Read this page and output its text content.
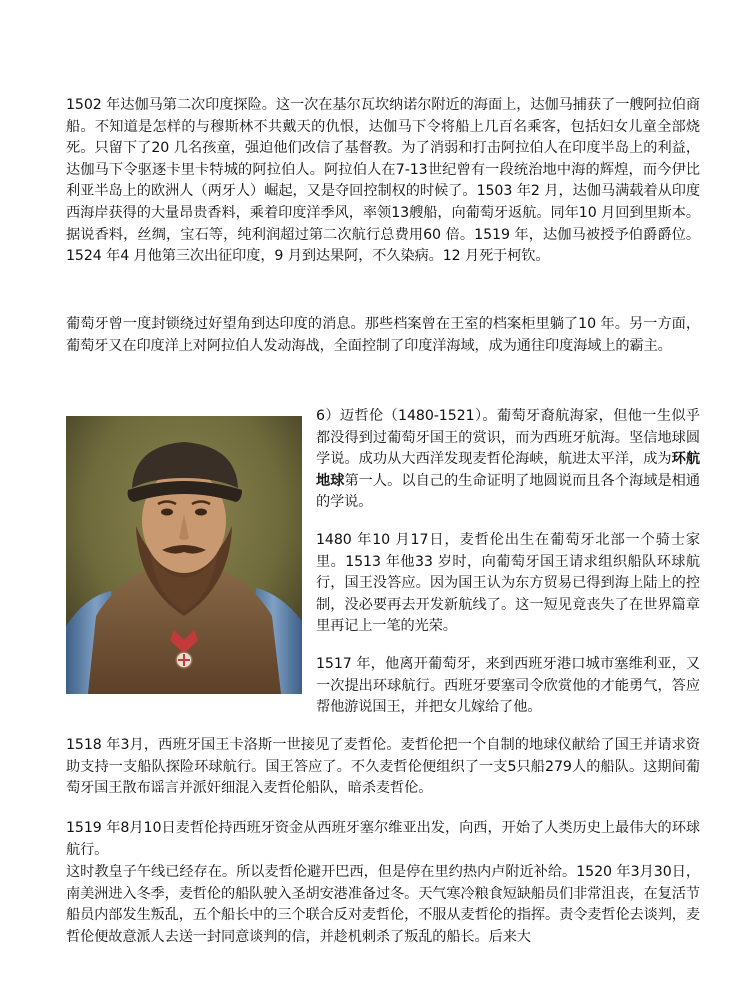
1502 年达伽马第二次印度探险。这一次在基尔瓦坎纳诺尔附近的海面上，达伽马捕获了一艘阿拉伯商船。不知道是怎样的与穆斯林不共戴天的仇恨，达伽马下令将船上几百名乘客，包括妇女儿童全部烧死。只留下了20 几名孩童，强迫他们改信了基督教。为了消弱和打击阿拉伯人在印度半岛上的利益，达伽马下令驱逐卡里卡特城的阿拉伯人。阿拉伯人在7-13世纪曾有一段统治地中海的辉煌，而今伊比利亚半岛上的欧洲人（两牙人）崛起，又是夺回控制权的时候了。1503 年2 月，达伽马满载着从印度西海岸获得的大量昂贵香料，乘着印度洋季风，率领13艘船，向葡萄牙返航。同年10 月回到里斯本。据说香料，丝绸，宝石等，纯利润超过第二次航行总费用60 倍。1519 年，达伽马被授予伯爵爵位。1524 年4 月他第三次出征印度，9 月到达果阿，不久染病。12 月死于柯钦。

葡萄牙曾一度封锁绕过好望角到达印度的消息。那些档案曾在王室的档案柜里躺了10 年。另一方面，葡萄牙又在印度洋上对阿拉伯人发动海战，全面控制了印度洋海域，成为通往印度海域上的霸主。

6）迈哲伦（1480-1521）。葡萄牙裔航海家，但他一生似乎都没得到过葡萄牙国王的赏识，而为西班牙航海。坚信地球圆学说。成功从大西洋发现麦哲伦海峡，航进太平洋，成为环航地球第一人。以自己的生命证明了地圆说而且各个海域是相通的学说。

1480 年10 月17日，麦哲伦出生在葡萄牙北部一个骑士家里。1513 年他33 岁时，向葡萄牙国王请求组织船队环球航行，国王没答应。因为国王认为东方贸易已得到海上陆上的控制，没必要再去开发新航线了。这一短见竟丧失了在世界篇章里再记上一笔的光荣。

1517 年，他离开葡萄牙，来到西班牙港口城市塞维利亚，又一次提出环球航行。西班牙要塞司令欣赏他的才能勇气，答应帮他游说国王，并把女儿嫁给了他。

1518 年3月，西班牙国王卡洛斯一世接见了麦哲伦。麦哲伦把一个自制的地球仪献给了国王并请求资助支持一支船队探险环球航行。国王答应了。不久麦哲伦便组织了一支5只船279人的船队。这期间葡萄牙国王散布谣言并派奸细混入麦哲伦船队，暗杀麦哲伦。

1519 年8月10日麦哲伦持西班牙资金从西班牙塞尔维亚出发，向西，开始了人类历史上最伟大的环球航行。

这时教皇子午线已经存在。所以麦哲伦避开巴西，但是停在里约热内卢附近补给。1520 年3月30日，南美洲进入冬季，麦哲伦的船队驶入圣胡安港准备过冬。天气寒冷粮食短缺船员们非常沮丧，在复活节船员内部发生叛乱，五个船长中的三个联合反对麦哲伦，不服从麦哲伦的指挥。责令麦哲伦去谈判，麦哲伦便故意派人去送一封同意谈判的信，并趁机刺杀了叛乱的船长。后来大
